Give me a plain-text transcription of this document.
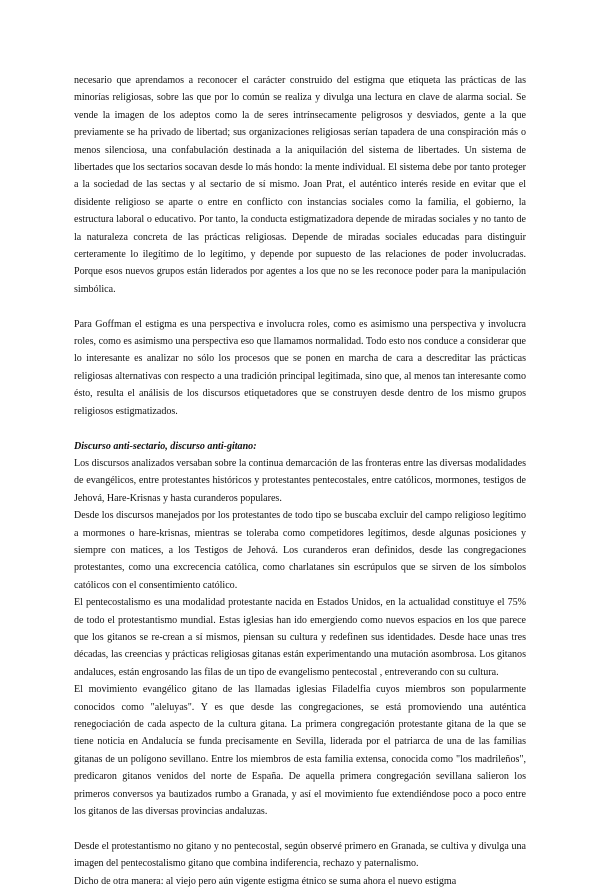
necesario que aprendamos a reconocer el carácter construido del estigma que etiqueta las prácticas de las minorías religiosas, sobre las que por lo común se realiza y divulga una lectura en clave de alarma social. Se vende la imagen de los adeptos como la de seres intrínsecamente peligrosos y desviados, gente a la que previamente se ha privado de libertad; sus organizaciones religiosas serían tapadera de una conspiración más o menos silenciosa, una confabulación destinada a la aniquilación del sistema de libertades. Un sistema de libertades que los sectarios socavan desde lo más hondo: la mente individual. El sistema debe por tanto proteger a la sociedad de las sectas y al sectario de sí mismo. Joan Prat, el auténtico interés reside en evitar que el disidente religioso se aparte o entre en conflicto con instancias sociales como la familia, el gobierno, la estructura laboral o educativo. Por tanto, la conducta estigmatizadora depende de miradas sociales y no tanto de la naturaleza concreta de las prácticas religiosas. Depende de miradas sociales educadas para distinguir certeramente lo ilegítimo de lo legítimo, y depende por supuesto de las relaciones de poder involucradas. Porque esos nuevos grupos están liderados por agentes a los que no se les reconoce poder para la manipulación simbólica.

Para Goffman el estigma es una perspectiva e involucra roles, como es asimismo una perspectiva y involucra roles, como es asimismo una perspectiva eso que llamamos normalidad. Todo esto nos conduce a considerar que lo interesante es analizar no sólo los procesos que se ponen en marcha de cara a descreditar las prácticas religiosas alternativas con respecto a una tradición principal legitimada, sino que, al menos tan interesante como ésto, resulta el análisis de los discursos etiquetadores que se construyen desde dentro de los mismo grupos religiosos estigmatizados.

Discurso anti-sectario, discurso anti-gitano:

Los discursos analizados versaban sobre la continua demarcación de las fronteras entre las diversas modalidades de evangélicos, entre protestantes históricos y protestantes pentecostales, entre católicos, mormones, testigos de Jehová, Hare-Krisnas y hasta curanderos populares.

Desde los discursos manejados por los protestantes de todo tipo se buscaba excluir del campo religioso legítimo a mormones o hare-krisnas, mientras se toleraba como competidores legítimos, desde algunas posiciones y siempre con matices, a los Testigos de Jehová. Los curanderos eran definidos, desde las congregaciones protestantes, como una excrecencia católica, como charlatanes sin escrúpulos que se sirven de los símbolos católicos con el consentimiento católico.

El pentecostalismo es una modalidad protestante nacida en Estados Unidos, en la actualidad constituye el 75% de todo el protestantismo mundial. Estas iglesias han ido emergiendo como nuevos espacios en los que parece que los gitanos se re-crean a sí mismos, piensan su cultura y redefinen sus identidades. Desde hace unas tres décadas, las creencias y prácticas religiosas gitanas están experimentando una mutación asombrosa. Los gitanos andaluces, están engrosando las filas de un tipo de evangelismo pentecostal , entreverando con su cultura.

El movimiento evangélico gitano de las llamadas iglesias Filadelfia cuyos miembros son popularmente conocidos como "aleluyas". Y es que desde las congregaciones, se está promoviendo una auténtica renegociación de cada aspecto de la cultura gitana. La primera congregación protestante gitana de la que se tiene noticia en Andalucía se funda precisamente en Sevilla, liderada por el patriarca de una de las familias gitanas de un polígono sevillano. Entre los miembros de esta familia extensa, conocida como "los madrileños", predicaron gitanos venidos del norte de España. De aquella primera congregación sevillana salieron los primeros conversos ya bautizados rumbo a Granada, y así el movimiento fue extendiéndose poco a poco entre los gitanos de las diversas provincias andaluzas.

Desde el protestantismo no gitano y no pentecostal, según observé primero en Granada, se cultiva y divulga una imagen del pentecostalismo gitano que combina indiferencia, rechazo y paternalismo.

Dicho de otra manera: al viejo pero aún vigente estigma étnico se suma ahora el nuevo estigma
